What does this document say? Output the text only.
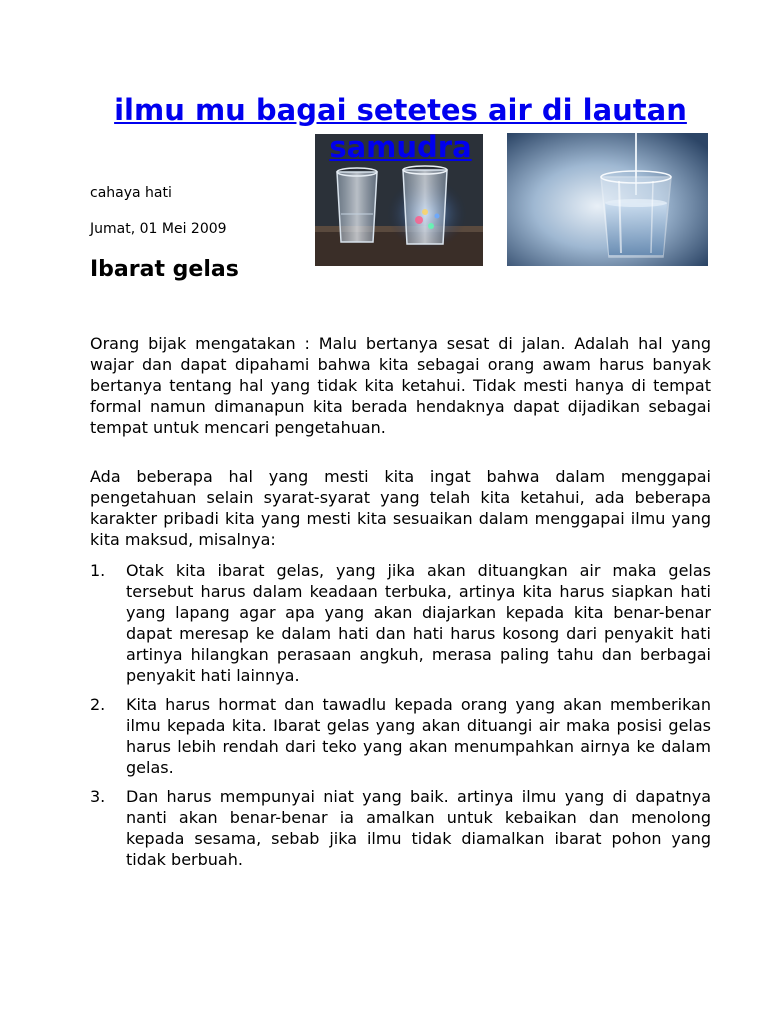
ilmu mu bagai setetes air di lautan samudra

cahaya hati

Jumat, 01 Mei 2009

Ibarat gelas

Orang bijak mengatakan : Malu bertanya sesat di jalan. Adalah hal yang wajar dan dapat dipahami bahwa kita sebagai orang awam harus banyak bertanya tentang hal yang tidak kita ketahui. Tidak mesti hanya di tempat formal namun dimanapun kita berada hendaknya dapat dijadikan sebagai tempat untuk mencari pengetahuan.

Ada beberapa hal yang mesti kita ingat bahwa dalam menggapai pengetahuan selain syarat-syarat yang telah kita ketahui, ada beberapa karakter pribadi kita yang mesti kita sesuaikan dalam menggapai ilmu yang kita maksud, misalnya:

1. Otak kita ibarat gelas, yang jika akan dituangkan air maka gelas tersebut harus dalam keadaan terbuka, artinya kita harus siapkan hati yang lapang agar apa yang akan diajarkan kepada kita benar-benar dapat meresap ke dalam hati dan hati harus kosong dari penyakit hati artinya hilangkan perasaan angkuh, merasa paling tahu dan berbagai penyakit hati lainnya.
2. Kita harus hormat dan tawadlu kepada orang yang akan memberikan ilmu kepada kita. Ibarat gelas yang akan dituangi air maka posisi gelas harus lebih rendah dari teko yang akan menumpahkan airnya ke dalam gelas.
3. Dan harus mempunyai niat yang baik. artinya ilmu yang di dapatnya nanti akan benar-benar ia amalkan untuk kebaikan dan menolong kepada sesama, sebab jika ilmu tidak diamalkan ibarat pohon yang tidak berbuah.
